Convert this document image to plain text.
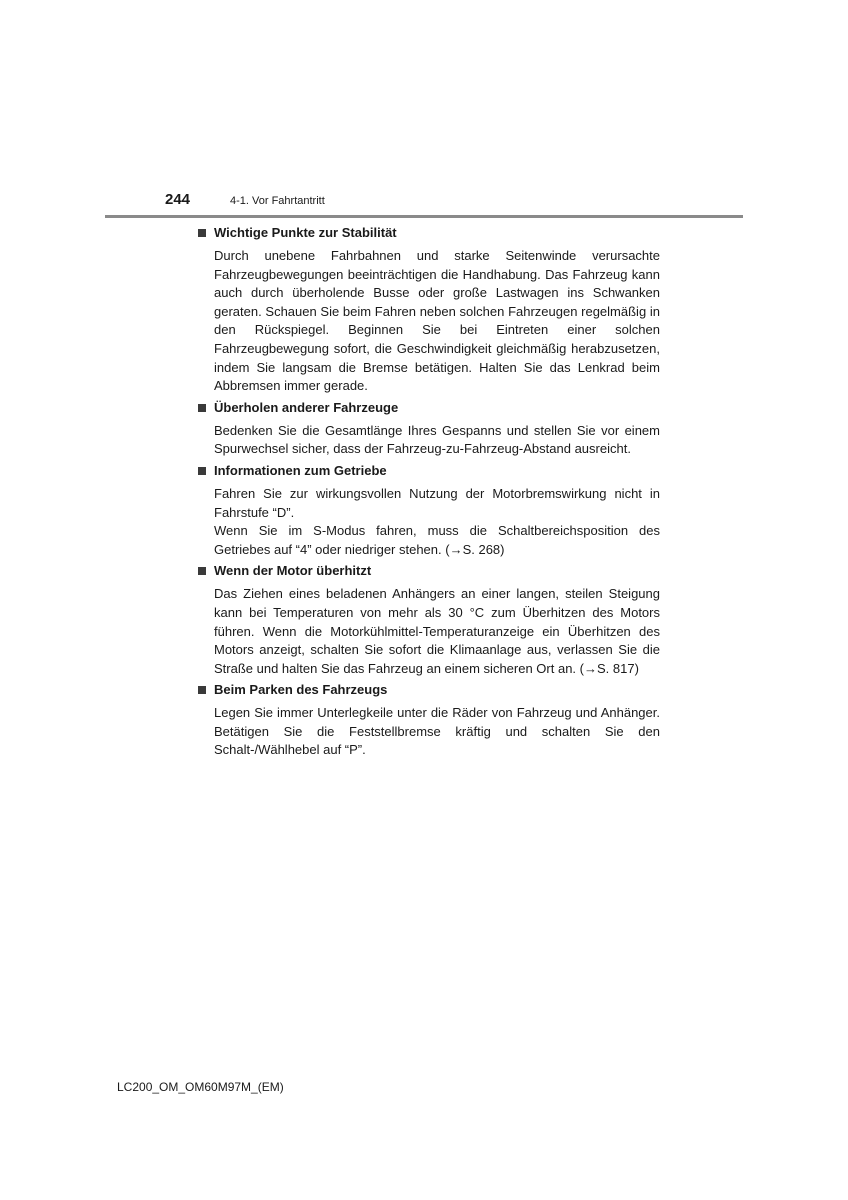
244	4-1. Vor Fahrtantritt
Wichtige Punkte zur Stabilität

Durch unebene Fahrbahnen und starke Seitenwinde verursachte Fahrzeugbewegungen beeinträchtigen die Handhabung. Das Fahrzeug kann auch durch überholende Busse oder große Lastwagen ins Schwanken geraten. Schauen Sie beim Fahren neben solchen Fahrzeugen regelmäßig in den Rückspiegel. Beginnen Sie bei Eintreten einer solchen Fahrzeugbewegung sofort, die Geschwindigkeit gleichmäßig herabzusetzen, indem Sie langsam die Bremse betätigen. Halten Sie das Lenkrad beim Abbremsen immer gerade.

Überholen anderer Fahrzeuge

Bedenken Sie die Gesamtlänge Ihres Gespanns und stellen Sie vor einem Spurwechsel sicher, dass der Fahrzeug-zu-Fahrzeug-Abstand ausreicht.

Informationen zum Getriebe

Fahren Sie zur wirkungsvollen Nutzung der Motorbremswirkung nicht in Fahrstufe “D”.

Wenn Sie im S-Modus fahren, muss die Schaltbereichsposition des Getriebes auf “4” oder niedriger stehen. (→S. 268)

Wenn der Motor überhitzt

Das Ziehen eines beladenen Anhängers an einer langen, steilen Steigung kann bei Temperaturen von mehr als 30 °C zum Überhitzen des Motors führen. Wenn die Motorkühlmittel-Temperaturanzeige ein Überhitzen des Motors anzeigt, schalten Sie sofort die Klimaanlage aus, verlassen Sie die Straße und halten Sie das Fahrzeug an einem sicheren Ort an. (→S. 817)

Beim Parken des Fahrzeugs

Legen Sie immer Unterlegkeile unter die Räder von Fahrzeug und Anhänger. Betätigen Sie die Feststellbremse kräftig und schalten Sie den Schalt-/Wählhebel auf “P”.

LC200_OM_OM60M97M_(EM)
